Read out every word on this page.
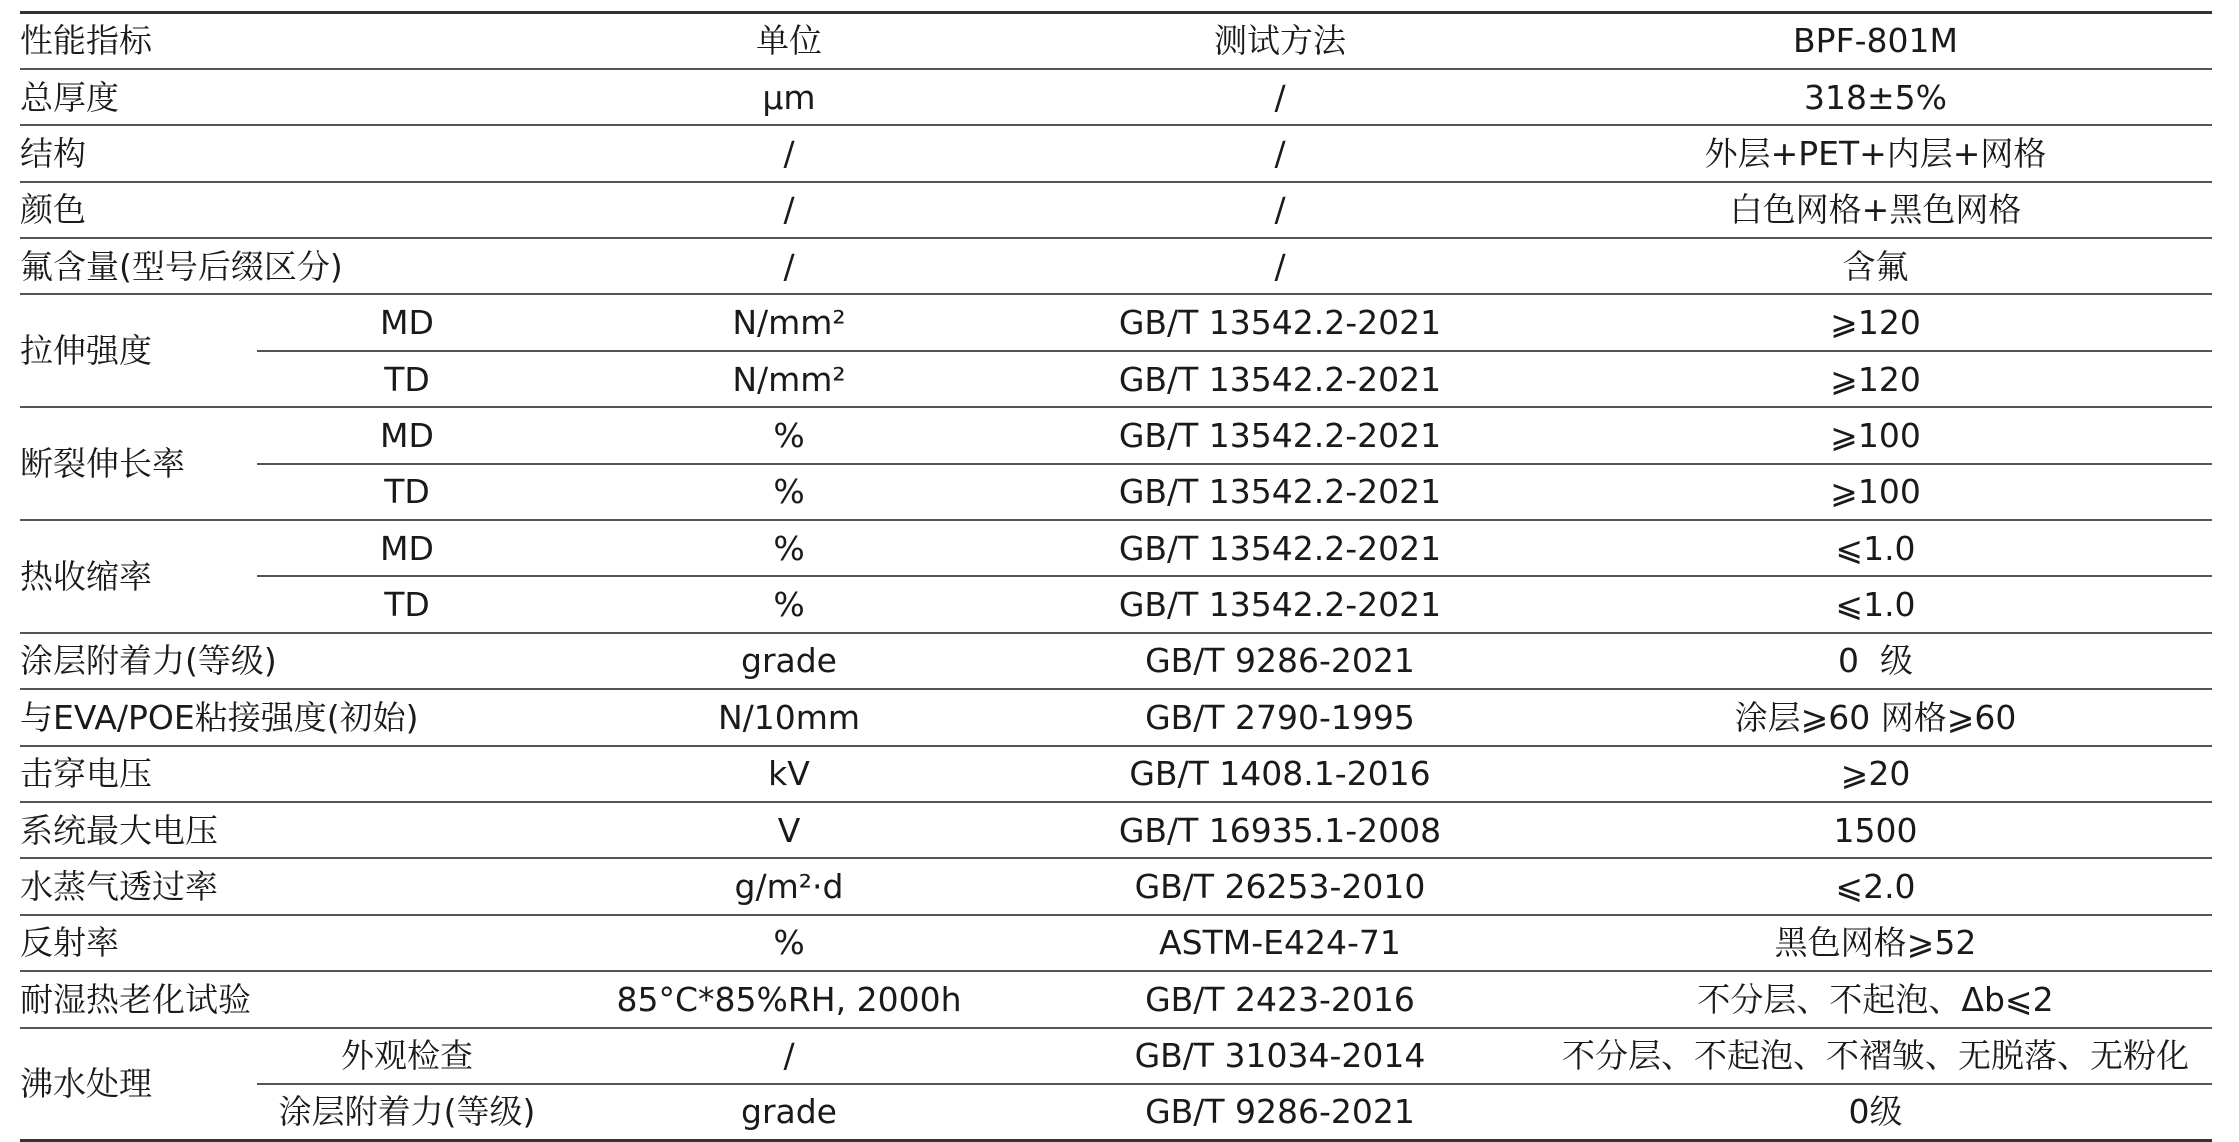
性能指标		单位	测试方法	BPF-801M
总厚度		μm	/	318±5%
结构		/	/	外层+PET+内层+网格
颜色		/	/	白色网格+黑色网格
氟含量(型号后缀区分)		/	/	含氟
拉伸强度	MD	N/mm²	GB/T 13542.2-2021	⩾120
	TD	N/mm²	GB/T 13542.2-2021	⩾120
断裂伸长率	MD	%	GB/T 13542.2-2021	⩾100
	TD	%	GB/T 13542.2-2021	⩾100
热收缩率	MD	%	GB/T 13542.2-2021	⩽1.0
	TD	%	GB/T 13542.2-2021	⩽1.0
涂层附着力(等级)		grade	GB/T 9286-2021	0  级
与EVA/POE粘接强度(初始)		N/10mm	GB/T 2790-1995	涂层⩾60 网格⩾60
击穿电压		kV	GB/T 1408.1-2016	⩾20
系统最大电压		V	GB/T 16935.1-2008	1500
水蒸气透过率		g/m²·d	GB/T 26253-2010	⩽2.0
反射率		%	ASTM-E424-71	黑色网格⩾52
耐湿热老化试验		85°C*85%RH, 2000h	GB/T 2423-2016	不分层、不起泡、Δb⩽2
沸水处理	外观检查	/	GB/T 31034-2014	不分层、不起泡、不褶皱、无脱落、无粉化
	涂层附着力(等级)	grade	GB/T 9286-2021	0级
